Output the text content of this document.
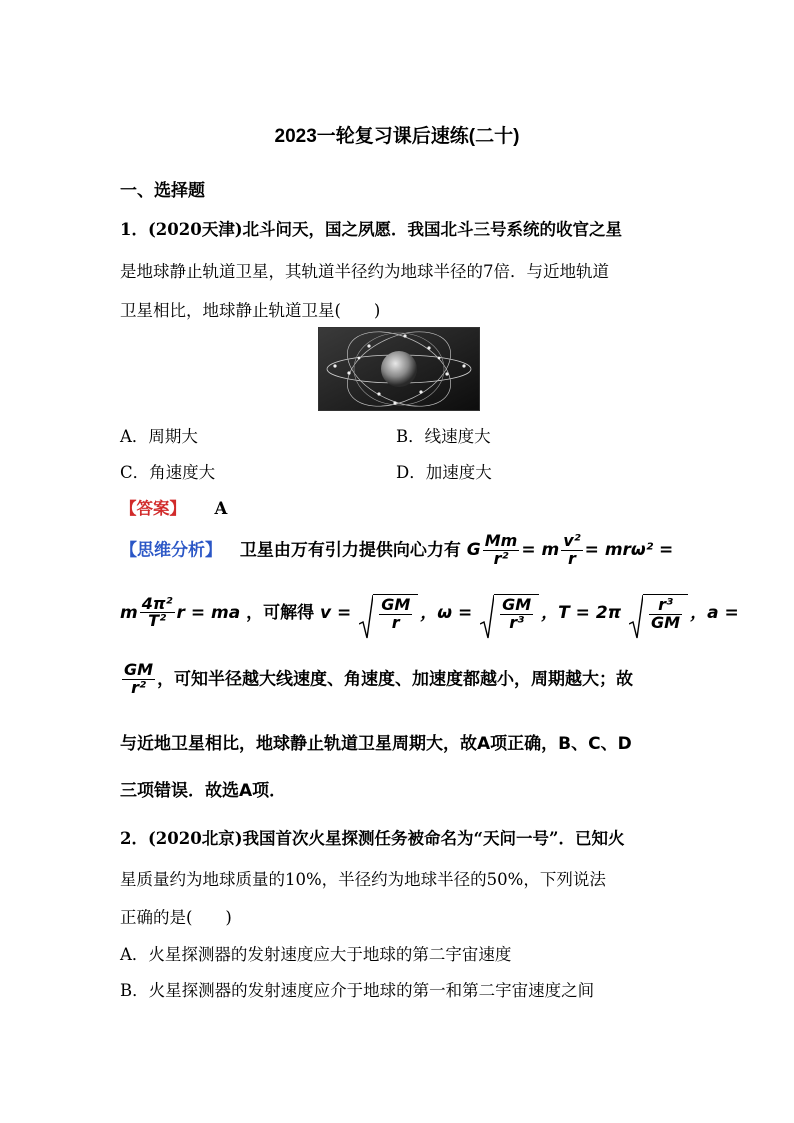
2023一轮复习课后速练(二十)
一、选择题
1．(2020天津)北斗问天，国之夙愿．我国北斗三号系统的收官之星
是地球静止轨道卫星，其轨道半径约为地球半径的7倍．与近地轨道
卫星相比，地球静止轨道卫星(　　)
A．周期大	B．线速度大
C．角速度大	D．加速度大
【答案】 A
【思维分析】 卫星由万有引力提供向心力有 G $\frac{Mm}{\text{r²}} = m \frac{\text{v²}}{r} = mr\omega^2$ =
m $\frac{\text{4π²}}{\text{T²}}$ r = ma ，可解得 $v = \frac{GM}{r}$ ，$\omega = \frac{GM}{\text{r³}}$ ，$T = 2\pi \frac{\text{r³}}{GM}$ ，a =
$\frac{GM}{\text{r²}}$ ，可知半径越大线速度、角速度、加速度都越小，周期越大；故
与近地卫星相比，地球静止轨道卫星周期大，故A项正确，B、C、D
三项错误．故选A项．
2．(2020北京)我国首次火星探测任务被命名为“天问一号”．已知火
星质量约为地球质量的10%，半径约为地球半径的50%，下列说法
正确的是(　　)
A．火星探测器的发射速度应大于地球的第二宇宙速度
B．火星探测器的发射速度应介于地球的第一和第二宇宙速度之间
